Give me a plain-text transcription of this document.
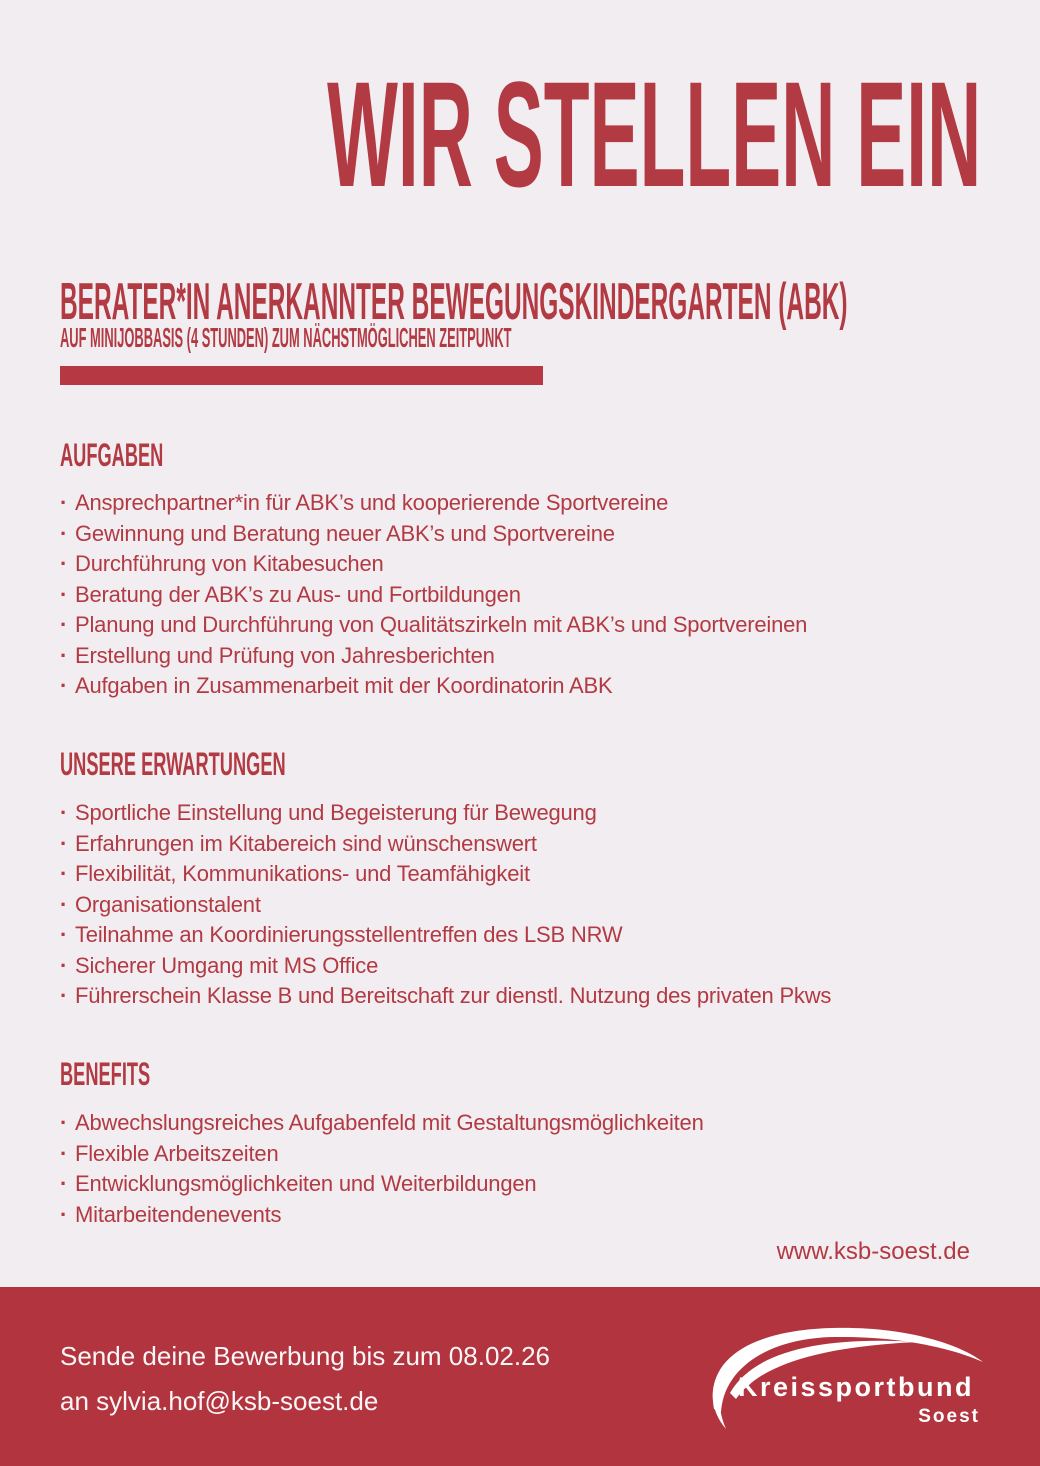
WIR STELLEN EIN
BERATER*IN ANERKANNTER BEWEGUNGSKINDERGARTEN (ABK)
AUF MINIJOBBASIS (4 STUNDEN) ZUM NÄCHSTMÖGLICHEN ZEITPUNKT
AUFGABEN
· Ansprechpartner*in für ABK’s und kooperierende Sportvereine
· Gewinnung und Beratung neuer ABK’s und Sportvereine
· Durchführung von Kitabesuchen
· Beratung der ABK’s zu Aus- und Fortbildungen
· Planung und Durchführung von Qualitätszirkeln mit ABK’s und Sportvereinen
· Erstellung und Prüfung von Jahresberichten
· Aufgaben in Zusammenarbeit mit der Koordinatorin ABK
UNSERE ERWARTUNGEN
· Sportliche Einstellung und Begeisterung für Bewegung
· Erfahrungen im Kitabereich sind wünschenswert
· Flexibilität, Kommunikations- und Teamfähigkeit
· Organisationstalent
· Teilnahme an Koordinierungsstellentreffen des LSB NRW
· Sicherer Umgang mit MS Office
· Führerschein Klasse B und Bereitschaft zur dienstl. Nutzung des privaten Pkws
BENEFITS
· Abwechslungsreiches Aufgabenfeld mit Gestaltungsmöglichkeiten
· Flexible Arbeitszeiten
· Entwicklungsmöglichkeiten und Weiterbildungen
· Mitarbeitendenevents
www.ksb-soest.de
Sende deine Bewerbung bis zum 08.02.26
an sylvia.hof@ksb-soest.de	Kreissportbund
Soest
